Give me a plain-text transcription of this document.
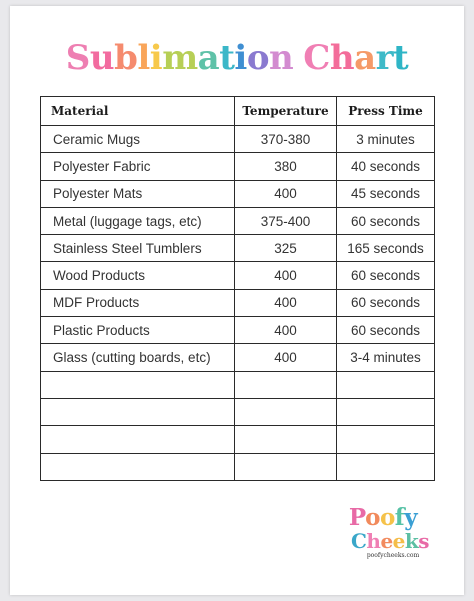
Sublimation Chart
Material	Temperature	Press Time
Ceramic Mugs	370-380	3 minutes
Polyester Fabric	380	40 seconds
Polyester Mats	400	45 seconds
Metal (luggage tags, etc)	375-400	60 seconds
Stainless Steel Tumblers	325	165 seconds
Wood Products	400	60 seconds
MDF Products	400	60 seconds
Plastic Products	400	60 seconds
Glass (cutting boards, etc)	400	3-4 minutes

Poofy
Cheeks
poofycheeks.com
